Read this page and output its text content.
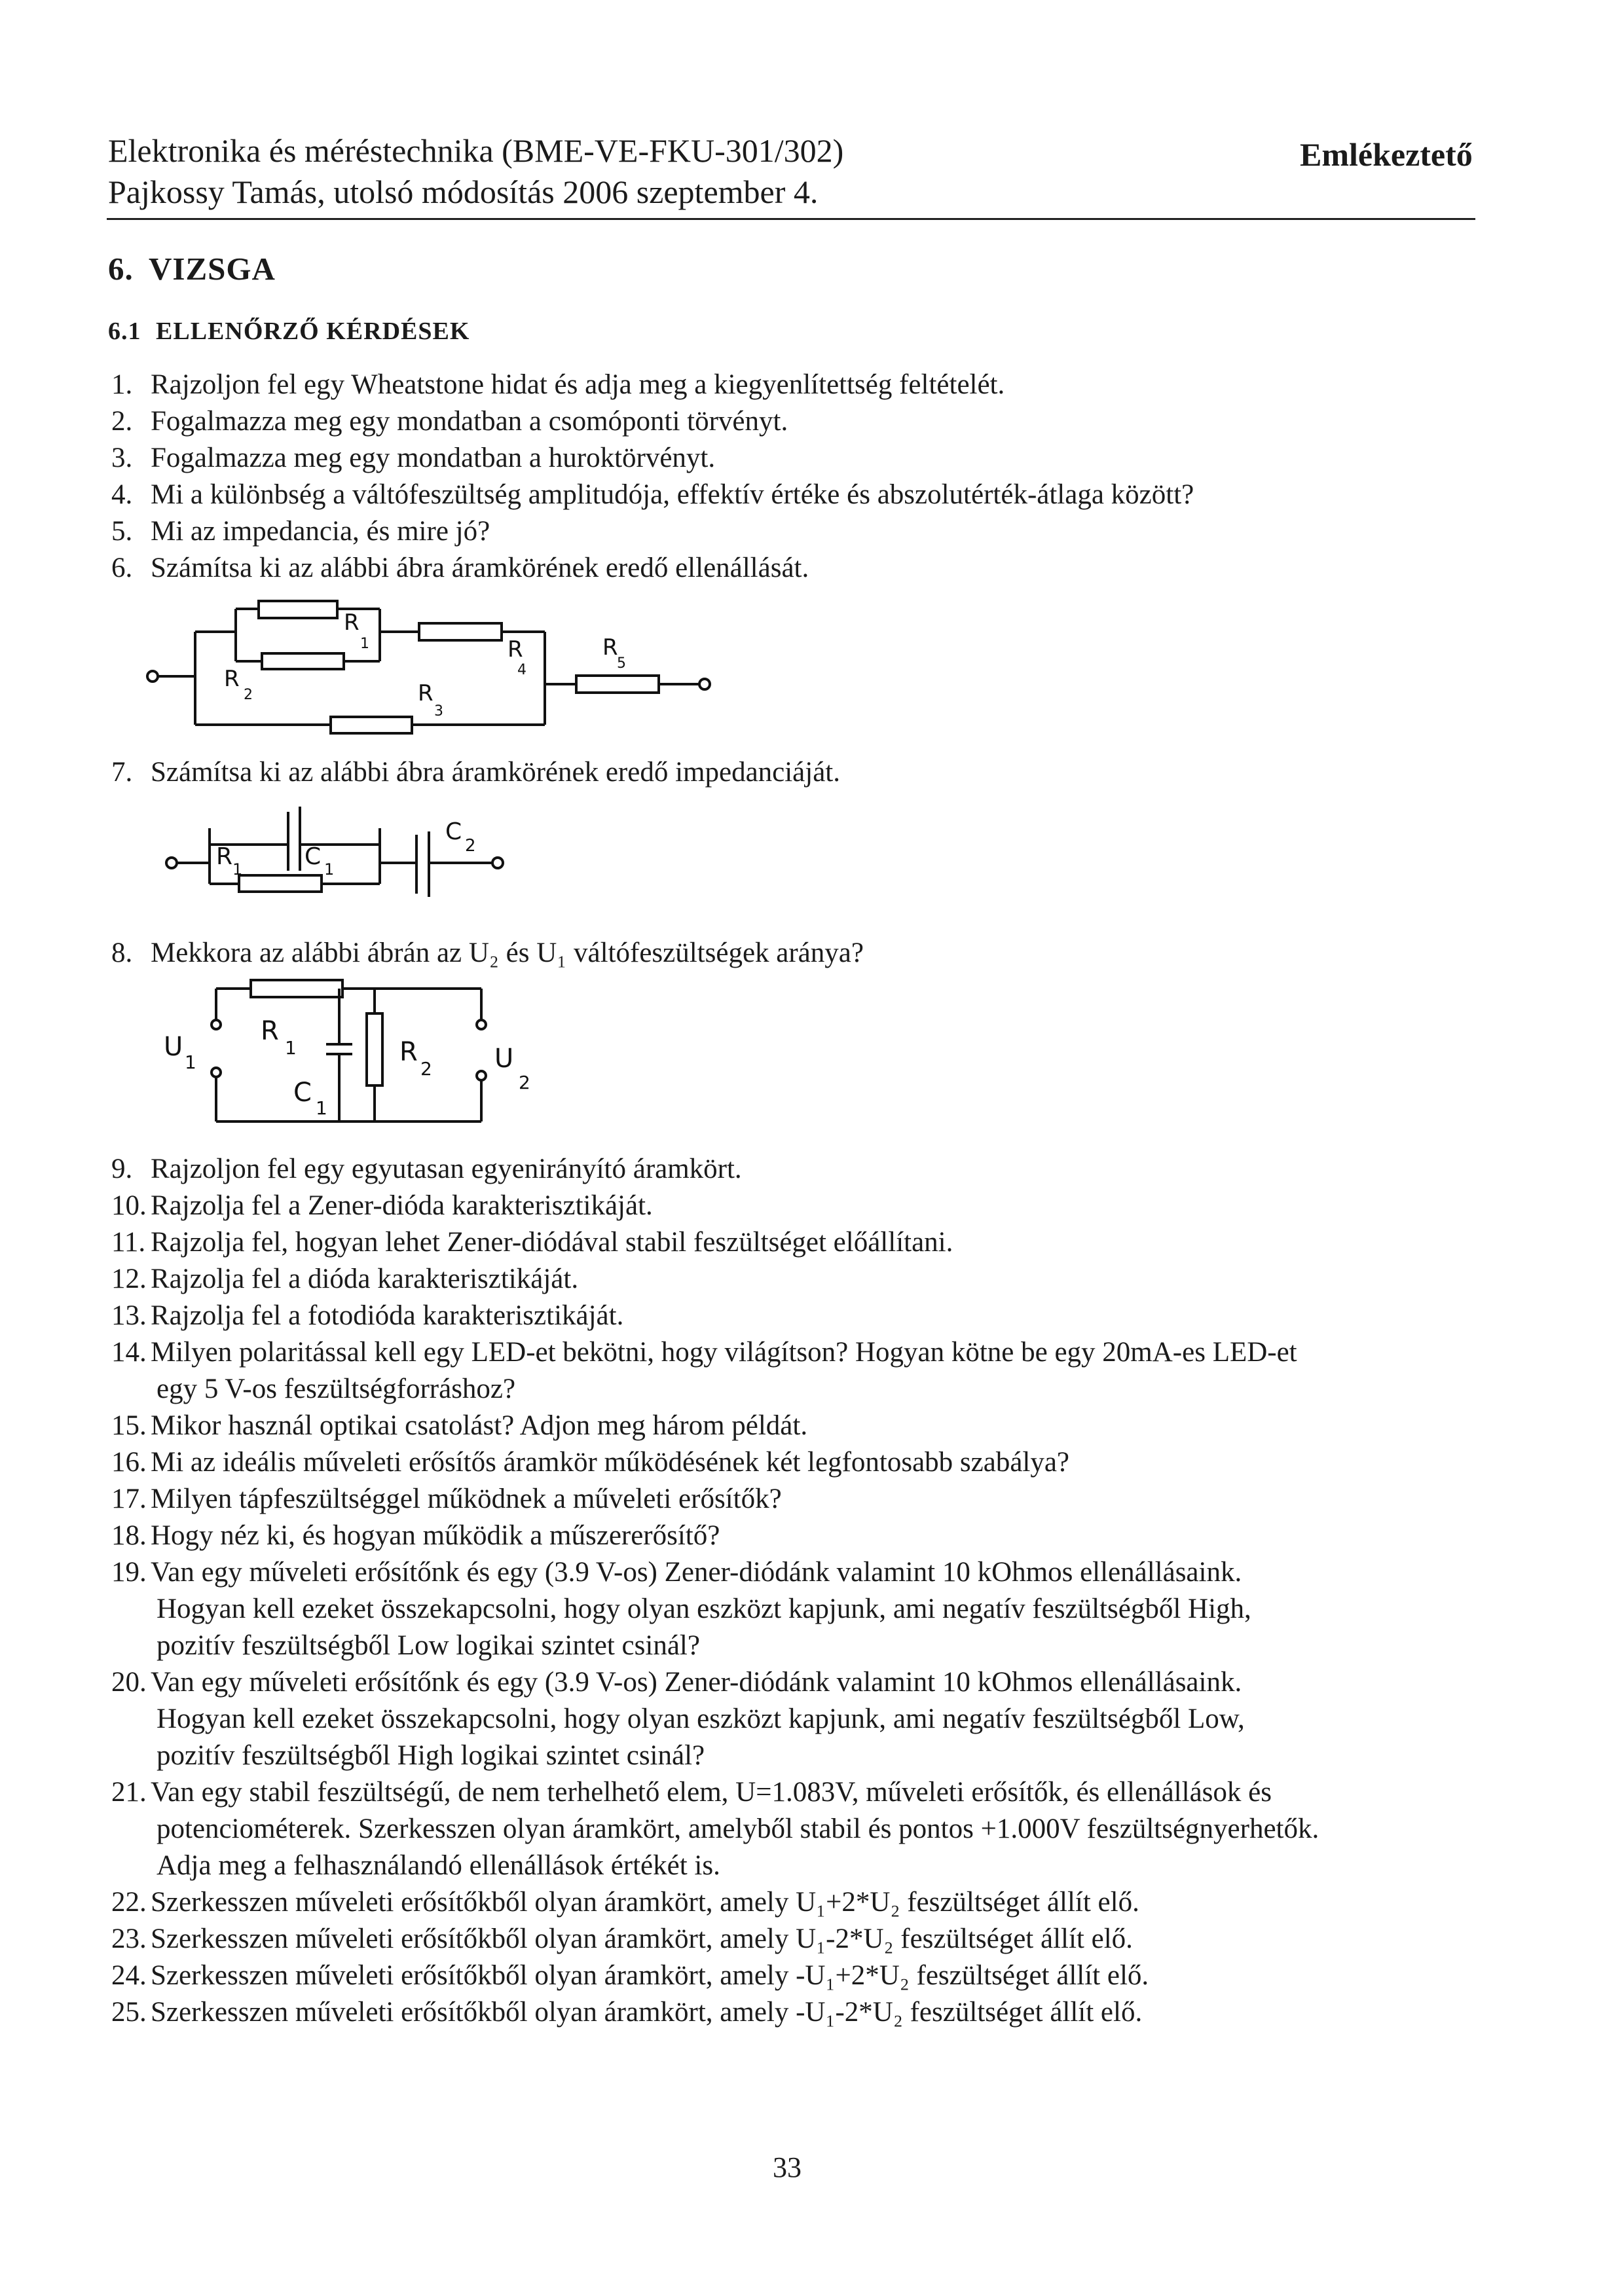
Elektronika és méréstechnika (BME-VE-FKU-301/302)
Pajkossy Tamás, utolsó módosítás 2006 szeptember 4.
Emlékeztető
6. VIZSGA
6.1 ELLENŐRZŐ KÉRDÉSEK
1. Rajzoljon fel egy Wheatstone hidat és adja meg a kiegyenlítettség feltételét.
2. Fogalmazza meg egy mondatban a csomóponti törvényt.
3. Fogalmazza meg egy mondatban a huroktörvényt.
4. Mi a különbség a váltófeszültség amplitudója, effektív értéke és abszolutérték-átlaga között?
5. Mi az impedancia, és mire jó?
6. Számítsa ki az alábbi ábra áramkörének eredő ellenállását.
R
1
R
2	R
3
R
4
R
5
7. Számítsa ki az alábbi ábra áramkörének eredő impedanciáját.
R 1	C 1
C
2
8. Mekkora az alábbi ábrán az U₂ és U₁ váltófeszültségek aránya?
U
1
R
1
C
1
R
2 U
2
9. Rajzoljon fel egy egyutasan egyenirányító áramkört.
10. Rajzolja fel a Zener-dióda karakterisztikáját.
11. Rajzolja fel, hogyan lehet Zener-diódával stabil feszültséget előállítani.
12. Rajzolja fel a dióda karakterisztikáját.
13. Rajzolja fel a fotodióda karakterisztikáját.
14. Milyen polaritással kell egy LED-et bekötni, hogy világítson? Hogyan kötne be egy 20mA-es LED-et
egy 5 V-os feszültségforráshoz?
15. Mikor használ optikai csatolást? Adjon meg három példát.
16. Mi az ideális műveleti erősítős áramkör működésének két legfontosabb szabálya?
17. Milyen tápfeszültséggel működnek a műveleti erősítők?
18. Hogy néz ki, és hogyan működik a műszererősítő?
19. Van egy műveleti erősítőnk és egy (3.9 V-os) Zener-diódánk valamint 10 kOhmos ellenállásaink.
Hogyan kell ezeket összekapcsolni, hogy olyan eszközt kapjunk, ami negatív feszültségből High,
pozitív feszültségből Low logikai szintet csinál?
20. Van egy műveleti erősítőnk és egy (3.9 V-os) Zener-diódánk valamint 10 kOhmos ellenállásaink.
Hogyan kell ezeket összekapcsolni, hogy olyan eszközt kapjunk, ami negatív feszültségből Low,
pozitív feszültségből High logikai szintet csinál?
21. Van egy stabil feszültségű, de nem terhelhető elem, U=1.083V, műveleti erősítők, és ellenállások és
potenciométerek. Szerkesszen olyan áramkört, amelyből stabil és pontos +1.000V feszültségnyerhetők.
Adja meg a felhasználandó ellenállások értékét is.
22. Szerkesszen műveleti erősítőkből olyan áramkört, amely U₁+2*U₂ feszültséget állít elő.
23. Szerkesszen műveleti erősítőkből olyan áramkört, amely U₁-2*U₂ feszültséget állít elő.
24. Szerkesszen műveleti erősítőkből olyan áramkört, amely -U₁+2*U₂ feszültséget állít elő.
25. Szerkesszen műveleti erősítőkből olyan áramkört, amely -U₁-2*U₂ feszültséget állít elő.
33
